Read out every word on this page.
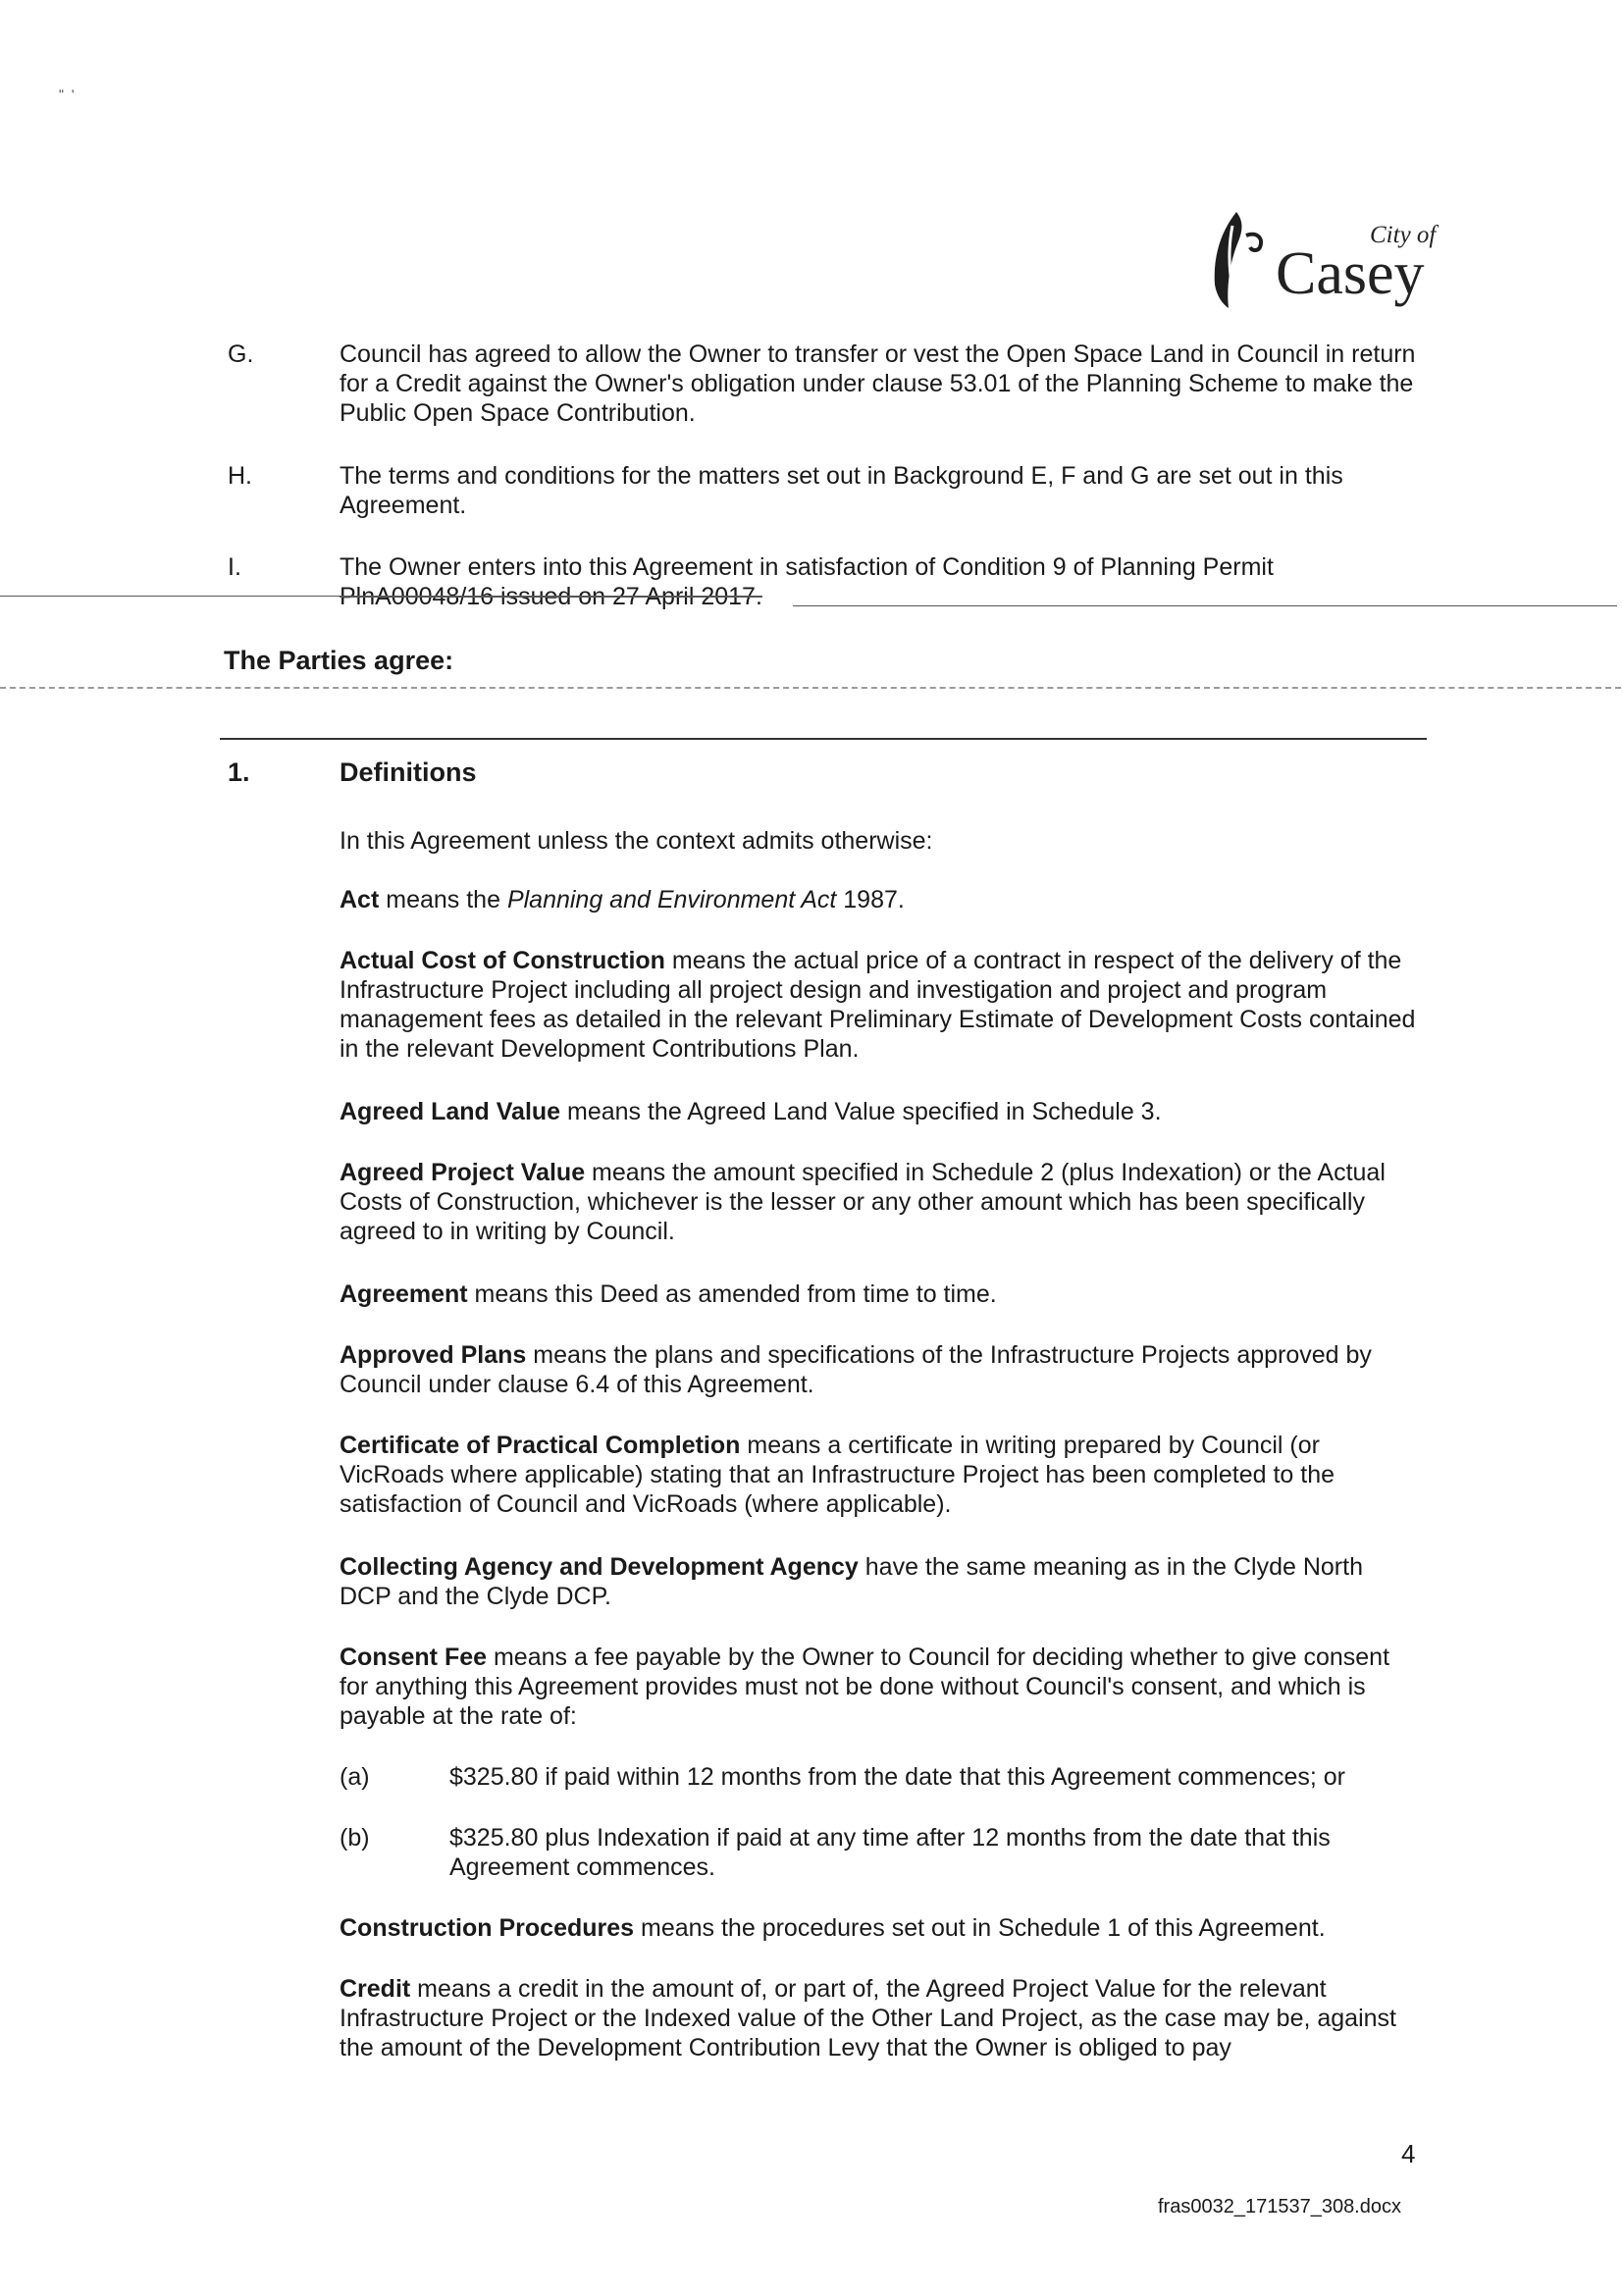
" '
City of
Casey
G.	Council has agreed to allow the Owner to transfer or vest the Open Space Land in Council in return for a Credit against the Owner's obligation under clause 53.01 of the Planning Scheme to make the Public Open Space Contribution.
H.	The terms and conditions for the matters set out in Background E, F and G are set out in this Agreement.
I.	The Owner enters into this Agreement in satisfaction of Condition 9 of Planning Permit
PlnA00048/16 issued on 27 April 2017.
The Parties agree:
1.	Definitions
In this Agreement unless the context admits otherwise:
Act means the Planning and Environment Act 1987.
Actual Cost of Construction means the actual price of a contract in respect of the delivery of the Infrastructure Project including all project design and investigation and project and program management fees as detailed in the relevant Preliminary Estimate of Development Costs contained in the relevant Development Contributions Plan.
Agreed Land Value means the Agreed Land Value specified in Schedule 3.
Agreed Project Value means the amount specified in Schedule 2 (plus Indexation) or the Actual Costs of Construction, whichever is the lesser or any other amount which has been specifically agreed to in writing by Council.
Agreement means this Deed as amended from time to time.
Approved Plans means the plans and specifications of the Infrastructure Projects approved by Council under clause 6.4 of this Agreement.
Certificate of Practical Completion means a certificate in writing prepared by Council (or VicRoads where applicable) stating that an Infrastructure Project has been completed to the satisfaction of Council and VicRoads (where applicable).
Collecting Agency and Development Agency have the same meaning as in the Clyde North DCP and the Clyde DCP.
Consent Fee means a fee payable by the Owner to Council for deciding whether to give consent for anything this Agreement provides must not be done without Council's consent, and which is payable at the rate of:
(a)	$325.80 if paid within 12 months from the date that this Agreement commences; or
(b)	$325.80 plus Indexation if paid at any time after 12 months from the date that this Agreement commences.
Construction Procedures means the procedures set out in Schedule 1 of this Agreement.
Credit means a credit in the amount of, or part of, the Agreed Project Value for the relevant Infrastructure Project or the Indexed value of the Other Land Project, as the case may be, against the amount of the Development Contribution Levy that the Owner is obliged to pay
4
fras0032_171537_308.docx
